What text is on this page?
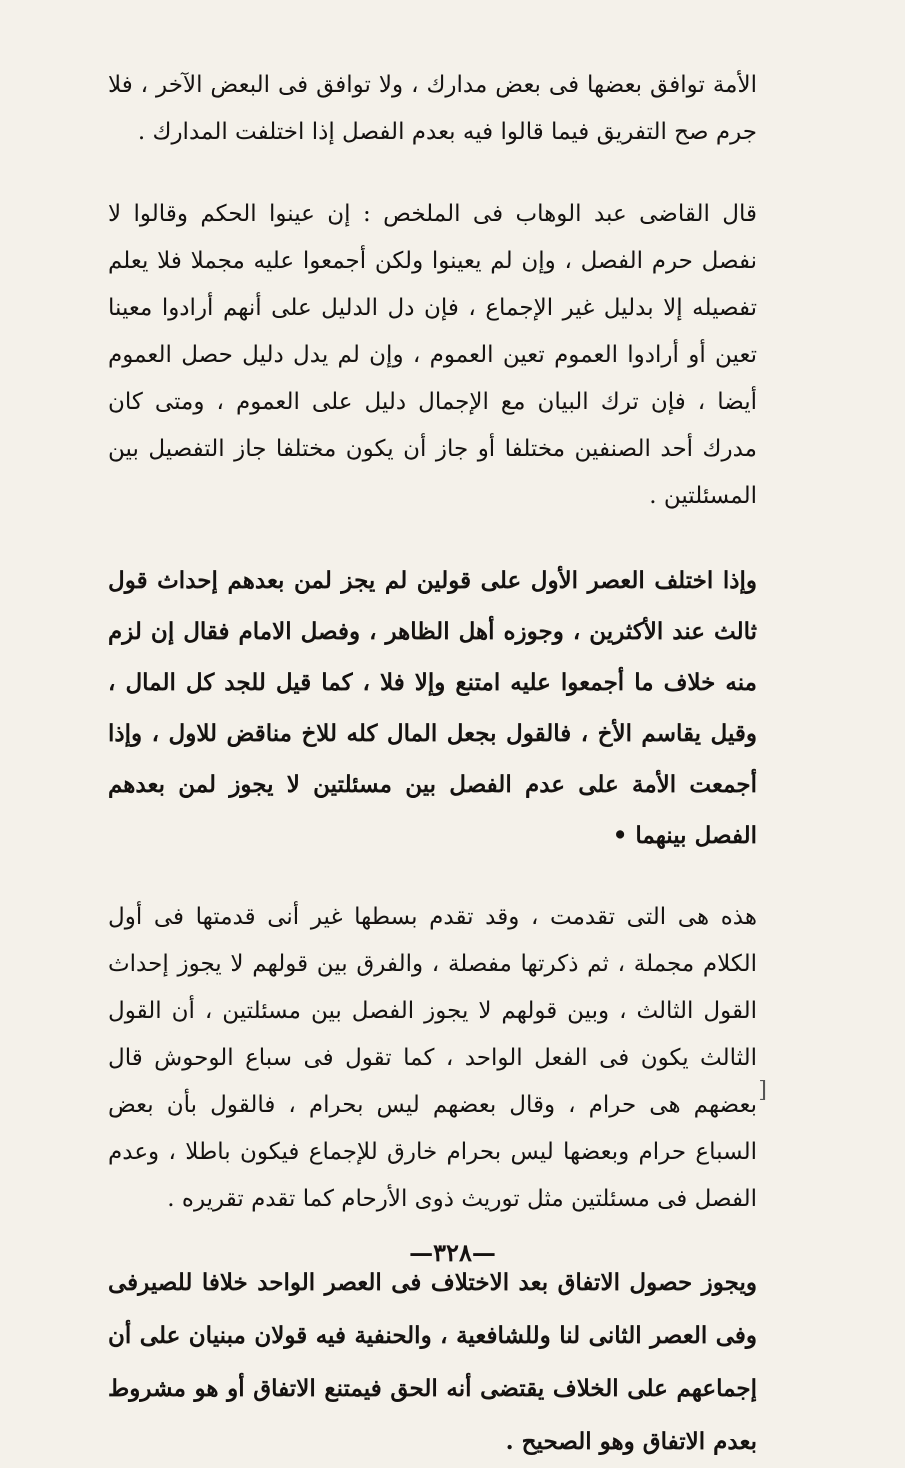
الأمة توافق بعضها فى بعض مدارك ، ولا توافق فى البعض الآخر ، فلا جرم صح التفريق فيما قالوا فيه بعدم الفصل إذا اختلفت المدارك .

قال القاضى عبد الوهاب فى الملخص : إن عينوا الحكم وقالوا لا نفصل حرم الفصل ، وإن لم يعينوا ولكن أجمعوا عليه مجملا فلا يعلم تفصيله إلا بدليل غير الإجماع ، فإن دل الدليل على أنهم أرادوا معينا تعين أو أرادوا العموم تعين العموم ، وإن لم يدل دليل حصل العموم أيضا ، فإن ترك البيان مع الإجمال دليل على العموم ، ومتى كان مدرك أحد الصنفين مختلفا أو جاز أن يكون مختلفا جاز التفصيل بين المسئلتين .

وإذا اختلف العصر الأول على قولين لم يجز لمن بعدهم إحداث قول ثالث عند الأكثرين ، وجوزه أهل الظاهر ، وفصل الامام فقال إن لزم منه خلاف ما أجمعوا عليه امتنع وإلا فلا ، كما قيل للجد كل المال ، وقيل يقاسم الأخ ، فالقول بجعل المال كله للاخ مناقض للاول ، وإذا أجمعت الأمة على عدم الفصل بين مسئلتين لا يجوز لمن بعدهم الفصل بينهما •

هذه هى التى تقدمت ، وقد تقدم بسطها غير أنى قدمتها فى أول الكلام مجملة ، ثم ذكرتها مفصلة ، والفرق بين قولهم لا يجوز إحداث القول الثالث ، وبين قولهم لا يجوز الفصل بين مسئلتين ، أن القول الثالث يكون فى الفعل الواحد ، كما تقول فى سباع الوحوش قال بعضهم هى حرام ، وقال بعضهم ليس بحرام ، فالقول بأن بعض السباع حرام وبعضها ليس بحرام خارق للإجماع فيكون باطلا ، وعدم الفصل فى مسئلتين مثل توريث ذوى الأرحام كما تقدم تقريره .

ويجوز حصول الاتفاق بعد الاختلاف فى العصر الواحد خلافا للصيرفى وفى العصر الثانى لنا وللشافعية ، والحنفية فيه قولان مبنيان على أن إجماعهم على الخلاف يقتضى أنه الحق فيمتنع الاتفاق أو هو مشروط بعدم الاتفاق وهو الصحيح .

[
—٣٢٨—
